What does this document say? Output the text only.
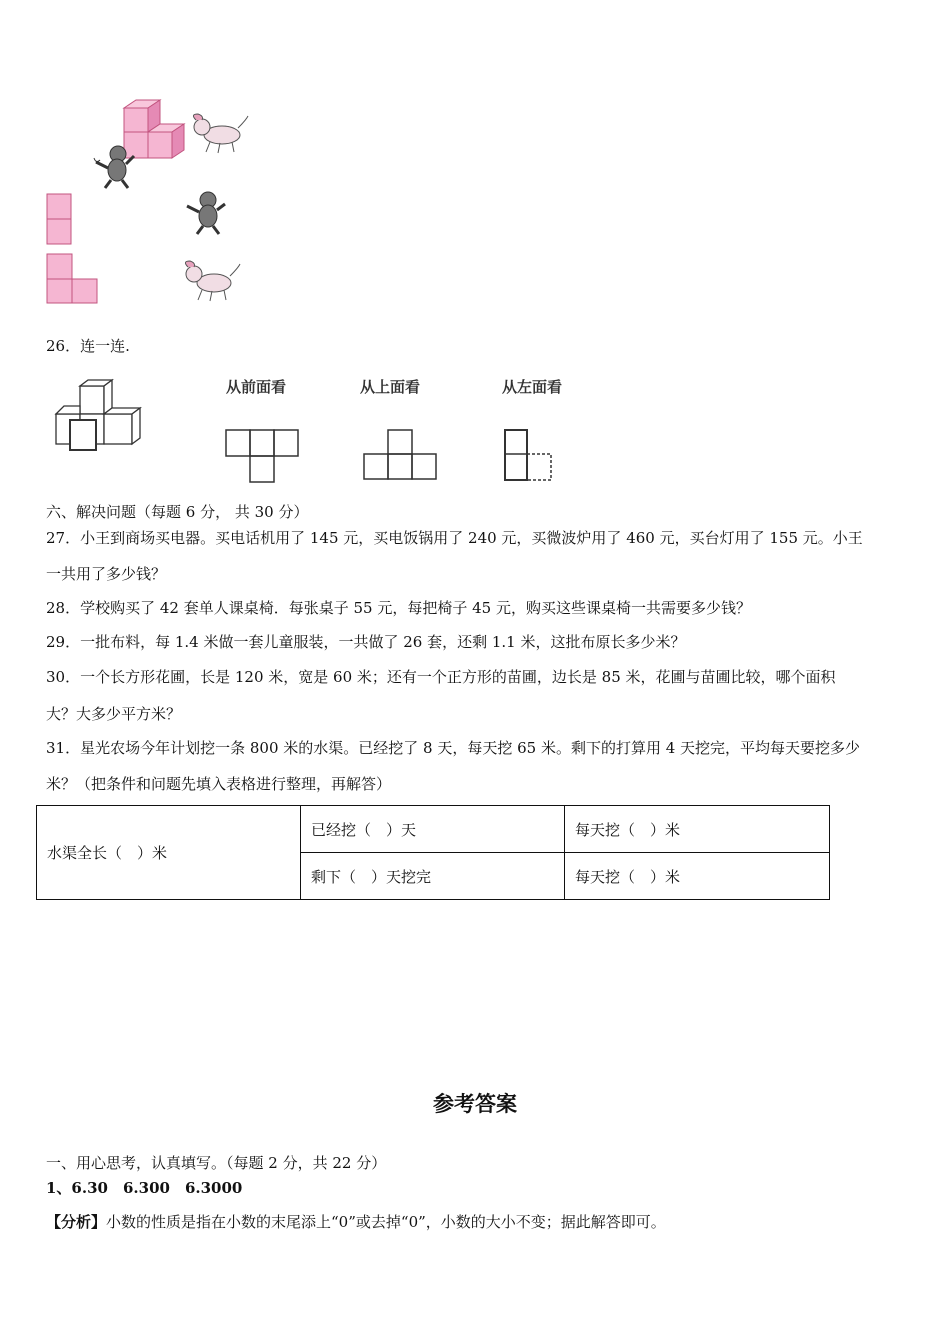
26．连一连.
从前面看	从上面看	从左面看
六、解决问题（每题 6 分， 共 30 分）
27．小王到商场买电器。买电话机用了 145 元，买电饭锅用了 240 元，买微波炉用了 460 元，买台灯用了 155 元。小王
一共用了多少钱？
28．学校购买了 42 套单人课桌椅．每张桌子 55 元，每把椅子 45 元，购买这些课桌椅一共需要多少钱？
29．一批布料，每 1.4 米做一套儿童服装，一共做了 26 套，还剩 1.1 米，这批布原长多少米？
30．一个长方形花圃，长是 120 米，宽是 60 米；还有一个正方形的苗圃，边长是 85 米，花圃与苗圃比较，哪个面积
大？大多少平方米？
31．星光农场今年计划挖一条 800 米的水渠。已经挖了 8 天，每天挖 65 米。剩下的打算用 4 天挖完，平均每天要挖多少
米？（把条件和问题先填入表格进行整理，再解答）
水渠全长（　）米	已经挖（　）天	每天挖（　）米
	剩下（　）天挖完	每天挖（　）米
参考答案
一、用心思考，认真填写。（每题 2 分，共 22 分）
1、6.30　6.300　6.3000
【分析】小数的性质是指在小数的末尾添上“0”或去掉“0”，小数的大小不变；据此解答即可。
